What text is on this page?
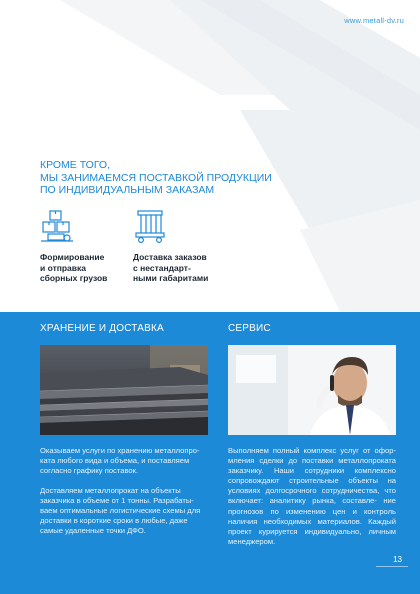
www.metall-dv.ru
КРОМЕ ТОГО,
МЫ ЗАНИМАЕМСЯ ПОСТАВКОЙ ПРОДУКЦИИ
ПО ИНДИВИДУАЛЬНЫМ ЗАКАЗАМ
Формирование
и отправка
сборных грузов
Доставка заказов
с нестандарт-
ными габаритами
ХРАНЕНИЕ И ДОСТАВКА	СЕРВИС
Оказываем услуги по хранению металлопро- ката любого вида и объема, и поставляем согласно графику поставок.
Доставляем металлопрокат на объекты заказчика в объеме от 1 тонны. Разрабаты- ваем оптимальные логистические схемы для доставки в короткие сроки в любые, даже самые удаленные точки ДФО.
Выполняем полный комплекс услуг от офор- мления сделки до поставки металлопроката заказчику. Наши сотрудники комплексно сопровождают строительные объекты на условиях долгосрочного сотрудничества, что включает: аналитику рынка, составле- ние прогнозов по изменению цен и контроль наличия необходимых материалов. Каждый проект курируется индивидуально, личным менеджером.
13
